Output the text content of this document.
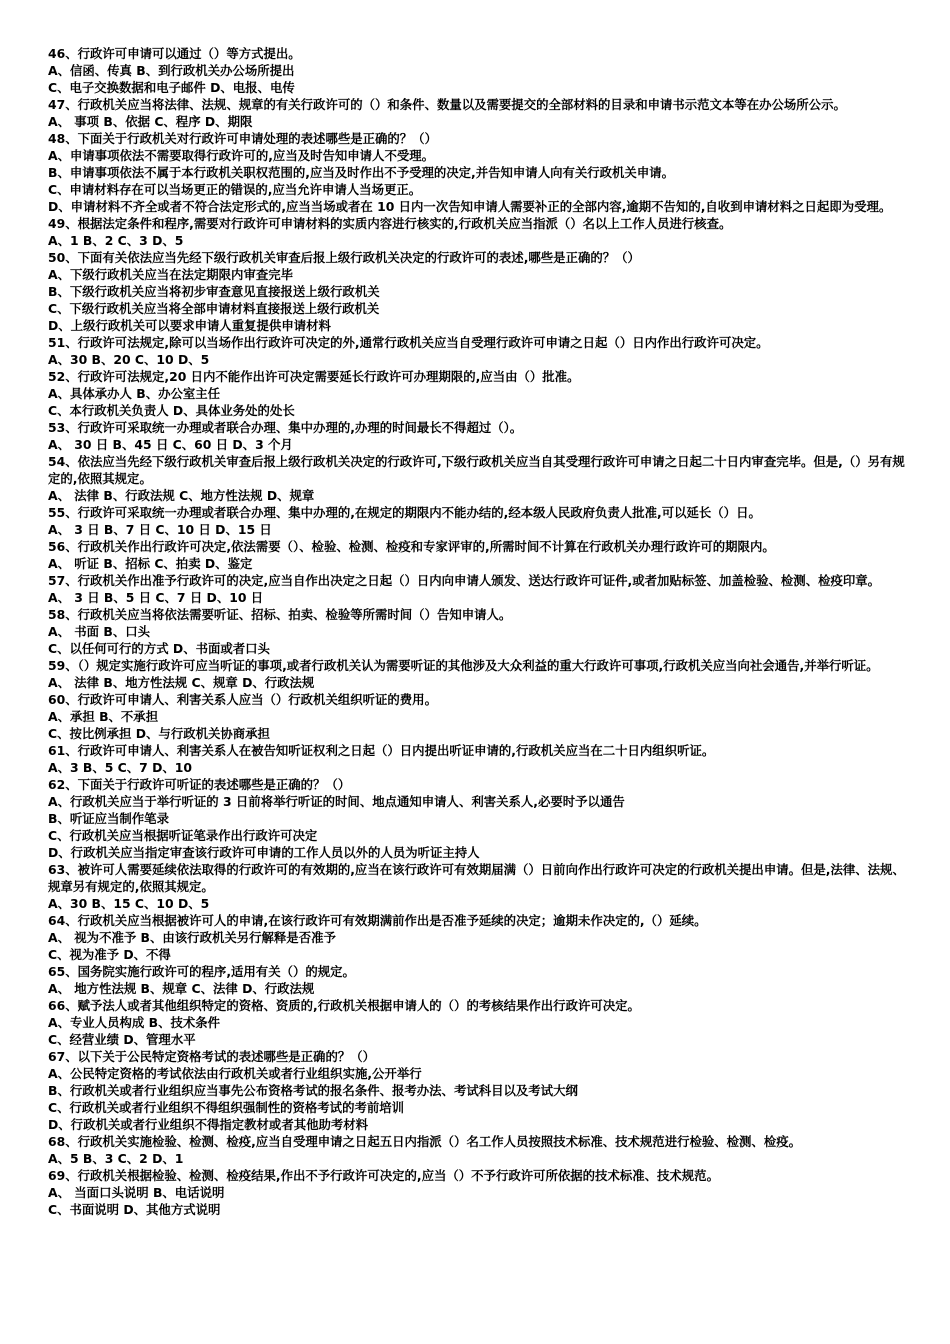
46、行政许可申请可以通过（）等方式提出。
A、信函、传真 B、到行政机关办公场所提出
C、电子交换数据和电子邮件 D、电报、电传
47、行政机关应当将法律、法规、规章的有关行政许可的（）和条件、数量以及需要提交的全部材料的目录和申请书示范文本等在办公场所公示。
A、 事项 B、依据 C、程序 D、期限
48、下面关于行政机关对行政许可申请处理的表述哪些是正确的？（）
A、申请事项依法不需要取得行政许可的,应当及时告知申请人不受理。
B、申请事项依法不属于本行政机关职权范围的,应当及时作出不予受理的决定,并告知申请人向有关行政机关申请。
C、申请材料存在可以当场更正的错误的,应当允许申请人当场更正。
D、申请材料不齐全或者不符合法定形式的,应当当场或者在 10 日内一次告知申请人需要补正的全部内容,逾期不告知的,自收到申请材料之日起即为受理。
49、根据法定条件和程序,需要对行政许可申请材料的实质内容进行核实的,行政机关应当指派（）名以上工作人员进行核查。
A、1 B、2 C、3 D、5
50、下面有关依法应当先经下级行政机关审查后报上级行政机关决定的行政许可的表述,哪些是正确的？（）
A、下级行政机关应当在法定期限内审查完毕
B、下级行政机关应当将初步审查意见直接报送上级行政机关
C、下级行政机关应当将全部申请材料直接报送上级行政机关
D、上级行政机关可以要求申请人重复提供申请材料
51、行政许可法规定,除可以当场作出行政许可决定的外,通常行政机关应当自受理行政许可申请之日起（）日内作出行政许可决定。
A、30 B、20 C、10 D、5
52、行政许可法规定,20 日内不能作出许可决定需要延长行政许可办理期限的,应当由（）批准。
A、具体承办人 B、办公室主任
C、本行政机关负责人 D、具体业务处的处长
53、行政许可采取统一办理或者联合办理、集中办理的,办理的时间最长不得超过（）。
A、 30 日 B、45 日 C、60 日 D、3 个月
54、依法应当先经下级行政机关审查后报上级行政机关决定的行政许可,下级行政机关应当自其受理行政许可申请之日起二十日内审查完毕。但是,（）另有规定的,依照其规定。
A、 法律 B、行政法规 C、地方性法规 D、规章
55、行政许可采取统一办理或者联合办理、集中办理的,在规定的期限内不能办结的,经本级人民政府负责人批准,可以延长（）日。
A、 3 日 B、7 日 C、10 日 D、15 日
56、行政机关作出行政许可决定,依法需要（）、检验、检测、检疫和专家评审的,所需时间不计算在行政机关办理行政许可的期限内。
A、 听证 B、招标 C、拍卖 D、鉴定
57、行政机关作出准予行政许可的决定,应当自作出决定之日起（）日内向申请人颁发、送达行政许可证件,或者加贴标签、加盖检验、检测、检疫印章。
A、 3 日 B、5 日 C、7 日 D、10 日
58、行政机关应当将依法需要听证、招标、拍卖、检验等所需时间（）告知申请人。
A、 书面 B、口头
C、以任何可行的方式 D、书面或者口头
59、（）规定实施行政许可应当听证的事项,或者行政机关认为需要听证的其他涉及大众利益的重大行政许可事项,行政机关应当向社会通告,并举行听证。
A、 法律 B、地方性法规 C、规章 D、行政法规
60、行政许可申请人、利害关系人应当（）行政机关组织听证的费用。
A、承担 B、不承担
C、按比例承担 D、与行政机关协商承担
61、行政许可申请人、利害关系人在被告知听证权利之日起（）日内提出听证申请的,行政机关应当在二十日内组织听证。
A、3 B、5 C、7 D、10
62、下面关于行政许可听证的表述哪些是正确的？（）
A、行政机关应当于举行听证的 3 日前将举行听证的时间、地点通知申请人、利害关系人,必要时予以通告
B、听证应当制作笔录
C、行政机关应当根据听证笔录作出行政许可决定
D、行政机关应当指定审查该行政许可申请的工作人员以外的人员为听证主持人
63、被许可人需要延续依法取得的行政许可的有效期的,应当在该行政许可有效期届满（）日前向作出行政许可决定的行政机关提出申请。但是,法律、法规、规章另有规定的,依照其规定。
A、30 B、15 C、10 D、5
64、行政机关应当根据被许可人的申请,在该行政许可有效期满前作出是否准予延续的决定；逾期未作决定的,（）延续。
A、 视为不准予 B、由该行政机关另行解释是否准予
C、视为准予 D、不得
65、国务院实施行政许可的程序,适用有关（）的规定。
A、 地方性法规 B、规章 C、法律 D、行政法规
66、赋予法人或者其他组织特定的资格、资质的,行政机关根据申请人的（）的考核结果作出行政许可决定。
A、专业人员构成 B、技术条件
C、经营业绩 D、管理水平
67、以下关于公民特定资格考试的表述哪些是正确的？（）
A、公民特定资格的考试依法由行政机关或者行业组织实施,公开举行
B、行政机关或者行业组织应当事先公布资格考试的报名条件、报考办法、考试科目以及考试大纲
C、行政机关或者行业组织不得组织强制性的资格考试的考前培训
D、行政机关或者行业组织不得指定教材或者其他助考材料
68、行政机关实施检验、检测、检疫,应当自受理申请之日起五日内指派（）名工作人员按照技术标准、技术规范进行检验、检测、检疫。
A、5 B、3 C、2 D、1
69、行政机关根据检验、检测、检疫结果,作出不予行政许可决定的,应当（）不予行政许可所依据的技术标准、技术规范。
A、 当面口头说明 B、电话说明
C、书面说明 D、其他方式说明
